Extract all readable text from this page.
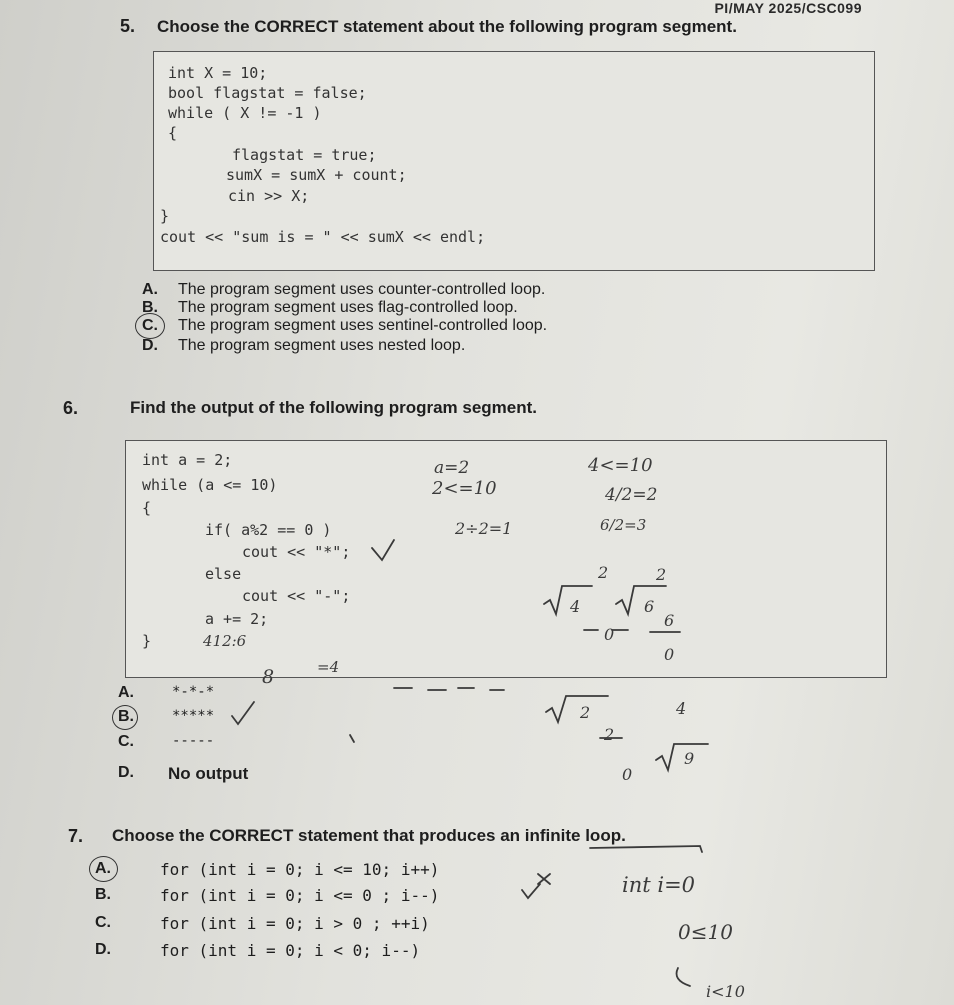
PI/MAY 2025/CSC099
5. Choose the CORRECT statement about the following program segment.
int X = 10;
bool flagstat = false;
while ( X != -1 )
{
flagstat = true;
sumX = sumX + count;
cin >> X;
}
cout << "sum is = " << sumX << endl;
A. The program segment uses counter-controlled loop.
B. The program segment uses flag-controlled loop.
C. The program segment uses sentinel-controlled loop.
D. The program segment uses nested loop.
6.	Find the output of the following program segment.
int a = 2;
while (a <= 10)
{
if( a%2 == 0 )
cout << "*";
else
cout << "-";
a += 2;
}
a=2
2<=10
4<=10
4/2=2
2÷2=1	6/2=3
412:6
8	=4
A.	*-*-*
B.	*****
C.	-----
D. No output
7. Choose the CORRECT statement that produces an infinite loop.
A.	for (int i = 0; i <= 10; i++)
B.	for (int i = 0; i <= 0 ; i--)
C.	for (int i = 0; i > 0 ; ++i)
D.	for (int i = 0; i < 0; i--)
int i=0
0≤10
i<10
2
4
0
2
6
6
0
2
2
0
4
9
